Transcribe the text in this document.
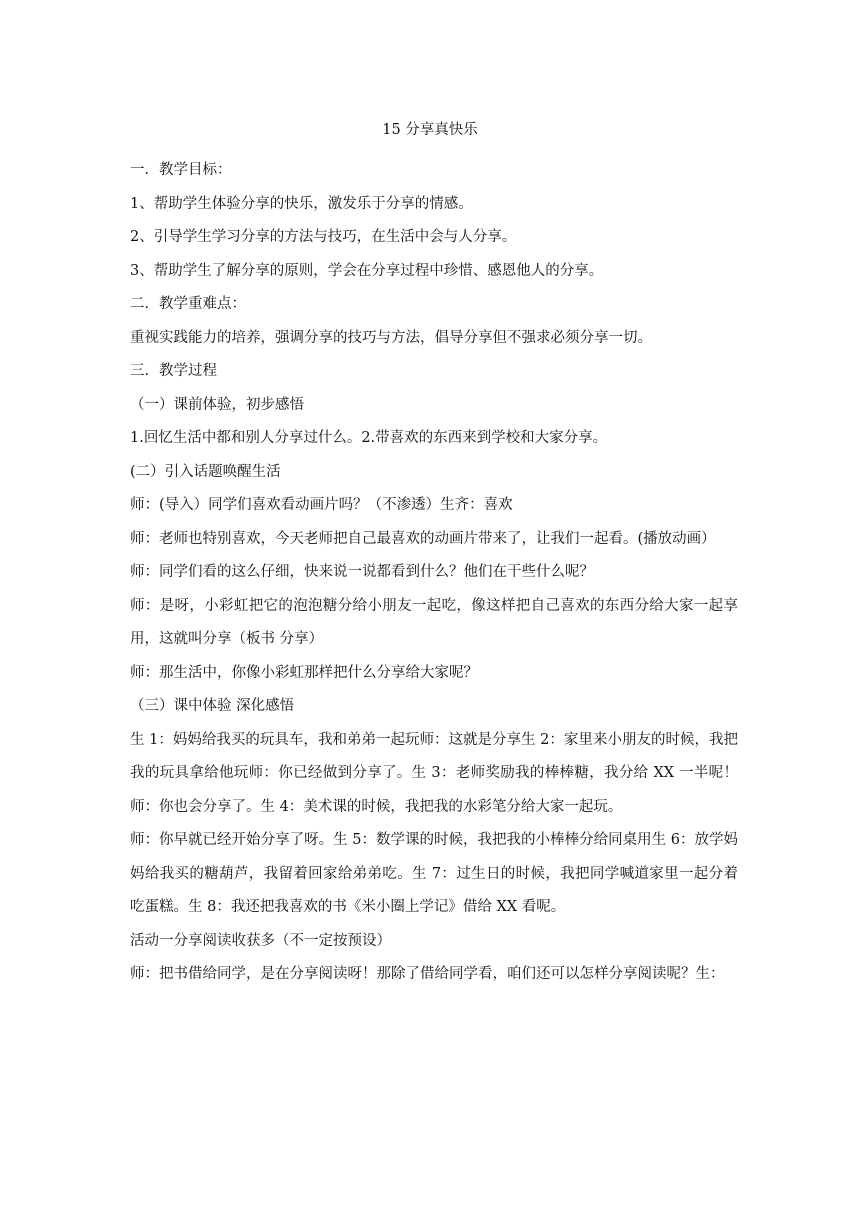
15 分享真快乐

一．教学目标：

1、帮助学生体验分享的快乐，激发乐于分享的情感。

2、引导学生学习分享的方法与技巧，在生活中会与人分享。

3、帮助学生了解分享的原则，学会在分享过程中珍惜、感恩他人的分享。

二．教学重难点：

重视实践能力的培养，强调分享的技巧与方法，倡导分享但不强求必须分享一切。

三．教学过程

（一）课前体验，初步感悟

1.回忆生活中都和别人分享过什么。2.带喜欢的东西来到学校和大家分享。

(二）引入话题唤醒生活

师：(导入）同学们喜欢看动画片吗？（不渗透）生齐：喜欢

师：老师也特别喜欢，今天老师把自己最喜欢的动画片带来了，让我们一起看。(播放动画）

师：同学们看的这么仔细，快来说一说都看到什么？他们在干些什么呢？

师：是呀，小彩虹把它的泡泡糖分给小朋友一起吃，像这样把自己喜欢的东西分给大家一起享用，这就叫分享（板书 分享）

师：那生活中，你像小彩虹那样把什么分享给大家呢？

（三）课中体验 深化感悟

生 1：妈妈给我买的玩具车，我和弟弟一起玩师：这就是分享生 2：家里来小朋友的时候，我把我的玩具拿给他玩师：你已经做到分享了。生 3：老师奖励我的棒棒糖，我分给 XX 一半呢！师：你也会分享了。生 4：美术课的时候，我把我的水彩笔分给大家一起玩。

师：你早就已经开始分享了呀。生 5：数学课的时候，我把我的小棒棒分给同桌用生 6：放学妈妈给我买的糖葫芦，我留着回家给弟弟吃。生 7：过生日的时候，我把同学喊道家里一起分着吃蛋糕。生 8：我还把我喜欢的书《米小圈上学记》借给 XX 看呢。

活动一分享阅读收获多（不一定按预设）

师：把书借给同学，是在分享阅读呀！那除了借给同学看，咱们还可以怎样分享阅读呢？生：
